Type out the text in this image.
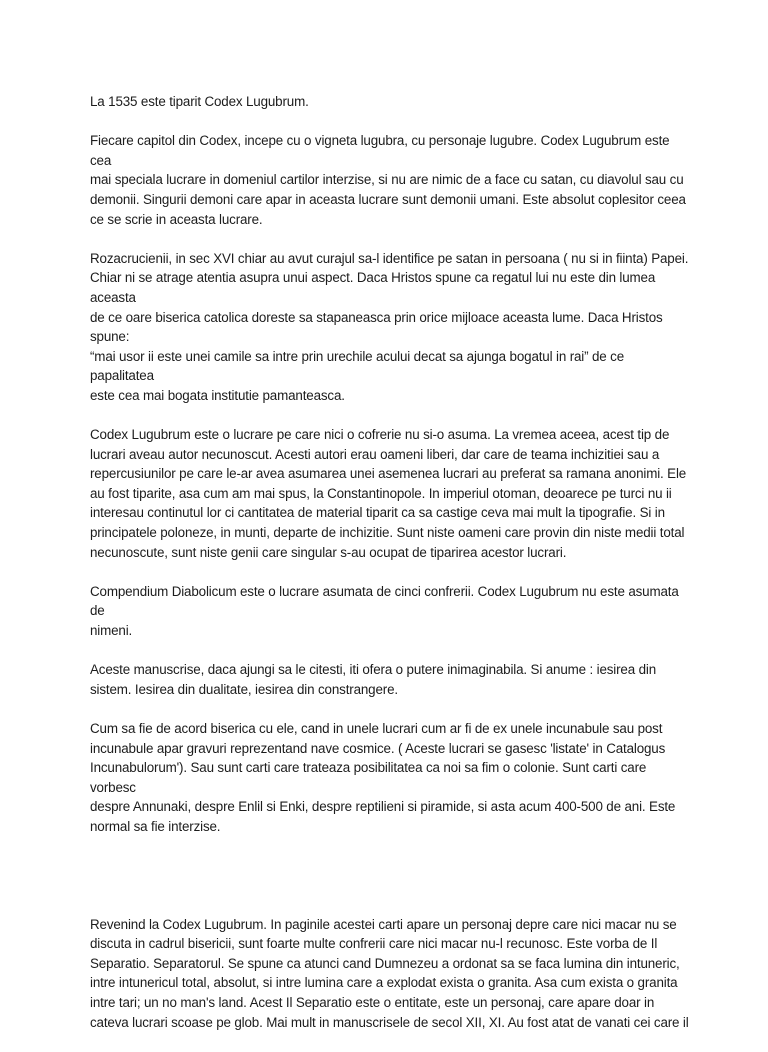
La 1535 este tiparit Codex Lugubrum.

Fiecare capitol din Codex, incepe cu o vigneta lugubra, cu personaje lugubre. Codex Lugubrum este cea
mai speciala lucrare in domeniul cartilor interzise, si nu are nimic de a face cu satan, cu diavolul sau cu
demonii. Singurii demoni care apar in aceasta lucrare sunt demonii umani. Este absolut coplesitor ceea
ce se scrie in aceasta lucrare.

Rozacrucienii, in sec XVI chiar au avut curajul sa-l identifice pe satan in persoana ( nu si in fiinta) Papei.
Chiar ni se atrage atentia asupra unui aspect. Daca Hristos spune ca regatul lui nu este din lumea aceasta
de ce oare biserica catolica doreste sa stapaneasca prin orice mijloace aceasta lume. Daca Hristos spune:
“mai usor ii este unei camile sa intre prin urechile acului decat sa ajunga bogatul in rai” de ce papalitatea
este cea mai bogata institutie pamanteasca.

Codex Lugubrum este o lucrare pe care nici o cofrerie nu si-o asuma. La vremea aceea, acest tip de
lucrari aveau autor necunoscut. Acesti autori erau oameni liberi, dar care de teama inchizitiei sau a
repercusiunilor pe care le-ar avea asumarea unei asemenea lucrari au preferat sa ramana anonimi. Ele
au fost tiparite, asa cum am mai spus, la Constantinopole. In imperiul otoman, deoarece pe turci nu ii
interesau continutul lor ci cantitatea de material tiparit ca sa castige ceva mai mult la tipografie. Si in
principatele poloneze, in munti, departe de inchizitie. Sunt niste oameni care provin din niste medii total
necunoscute, sunt niste genii care singular s-au ocupat de tiparirea acestor lucrari.

Compendium Diabolicum este o lucrare asumata de cinci confrerii. Codex Lugubrum nu este asumata de
nimeni.

Aceste manuscrise, daca ajungi sa le citesti, iti ofera o putere inimaginabila. Si anume : iesirea din
sistem. Iesirea din dualitate, iesirea din constrangere.

Cum sa fie de acord biserica cu ele, cand in unele lucrari cum ar fi de ex unele incunabule sau post
incunabule apar gravuri reprezentand nave cosmice. ( Aceste lucrari se gasesc 'listate' in Catalogus
Incunabulorum'). Sau sunt carti care trateaza posibilitatea ca noi sa fim o colonie. Sunt carti care vorbesc
despre Annunaki, despre Enlil si Enki, despre reptilieni si piramide, si asta acum 400-500 de ani. Este
normal sa fie interzise.

Revenind la Codex Lugubrum. In paginile acestei carti apare un personaj depre care nici macar nu se
discuta in cadrul bisericii, sunt foarte multe confrerii care nici macar nu-l recunosc. Este vorba de Il
Separatio. Separatorul. Se spune ca atunci cand Dumnezeu a ordonat sa se faca lumina din intuneric,
intre intunericul total, absolut, si intre lumina care a explodat exista o granita. Asa cum exista o granita
intre tari; un no man's land. Acest Il Separatio este o entitate, este un personaj, care apare doar in
cateva lucrari scoase pe glob. Mai mult in manuscrisele de secol XII, XI. Au fost atat de vanati cei care il
